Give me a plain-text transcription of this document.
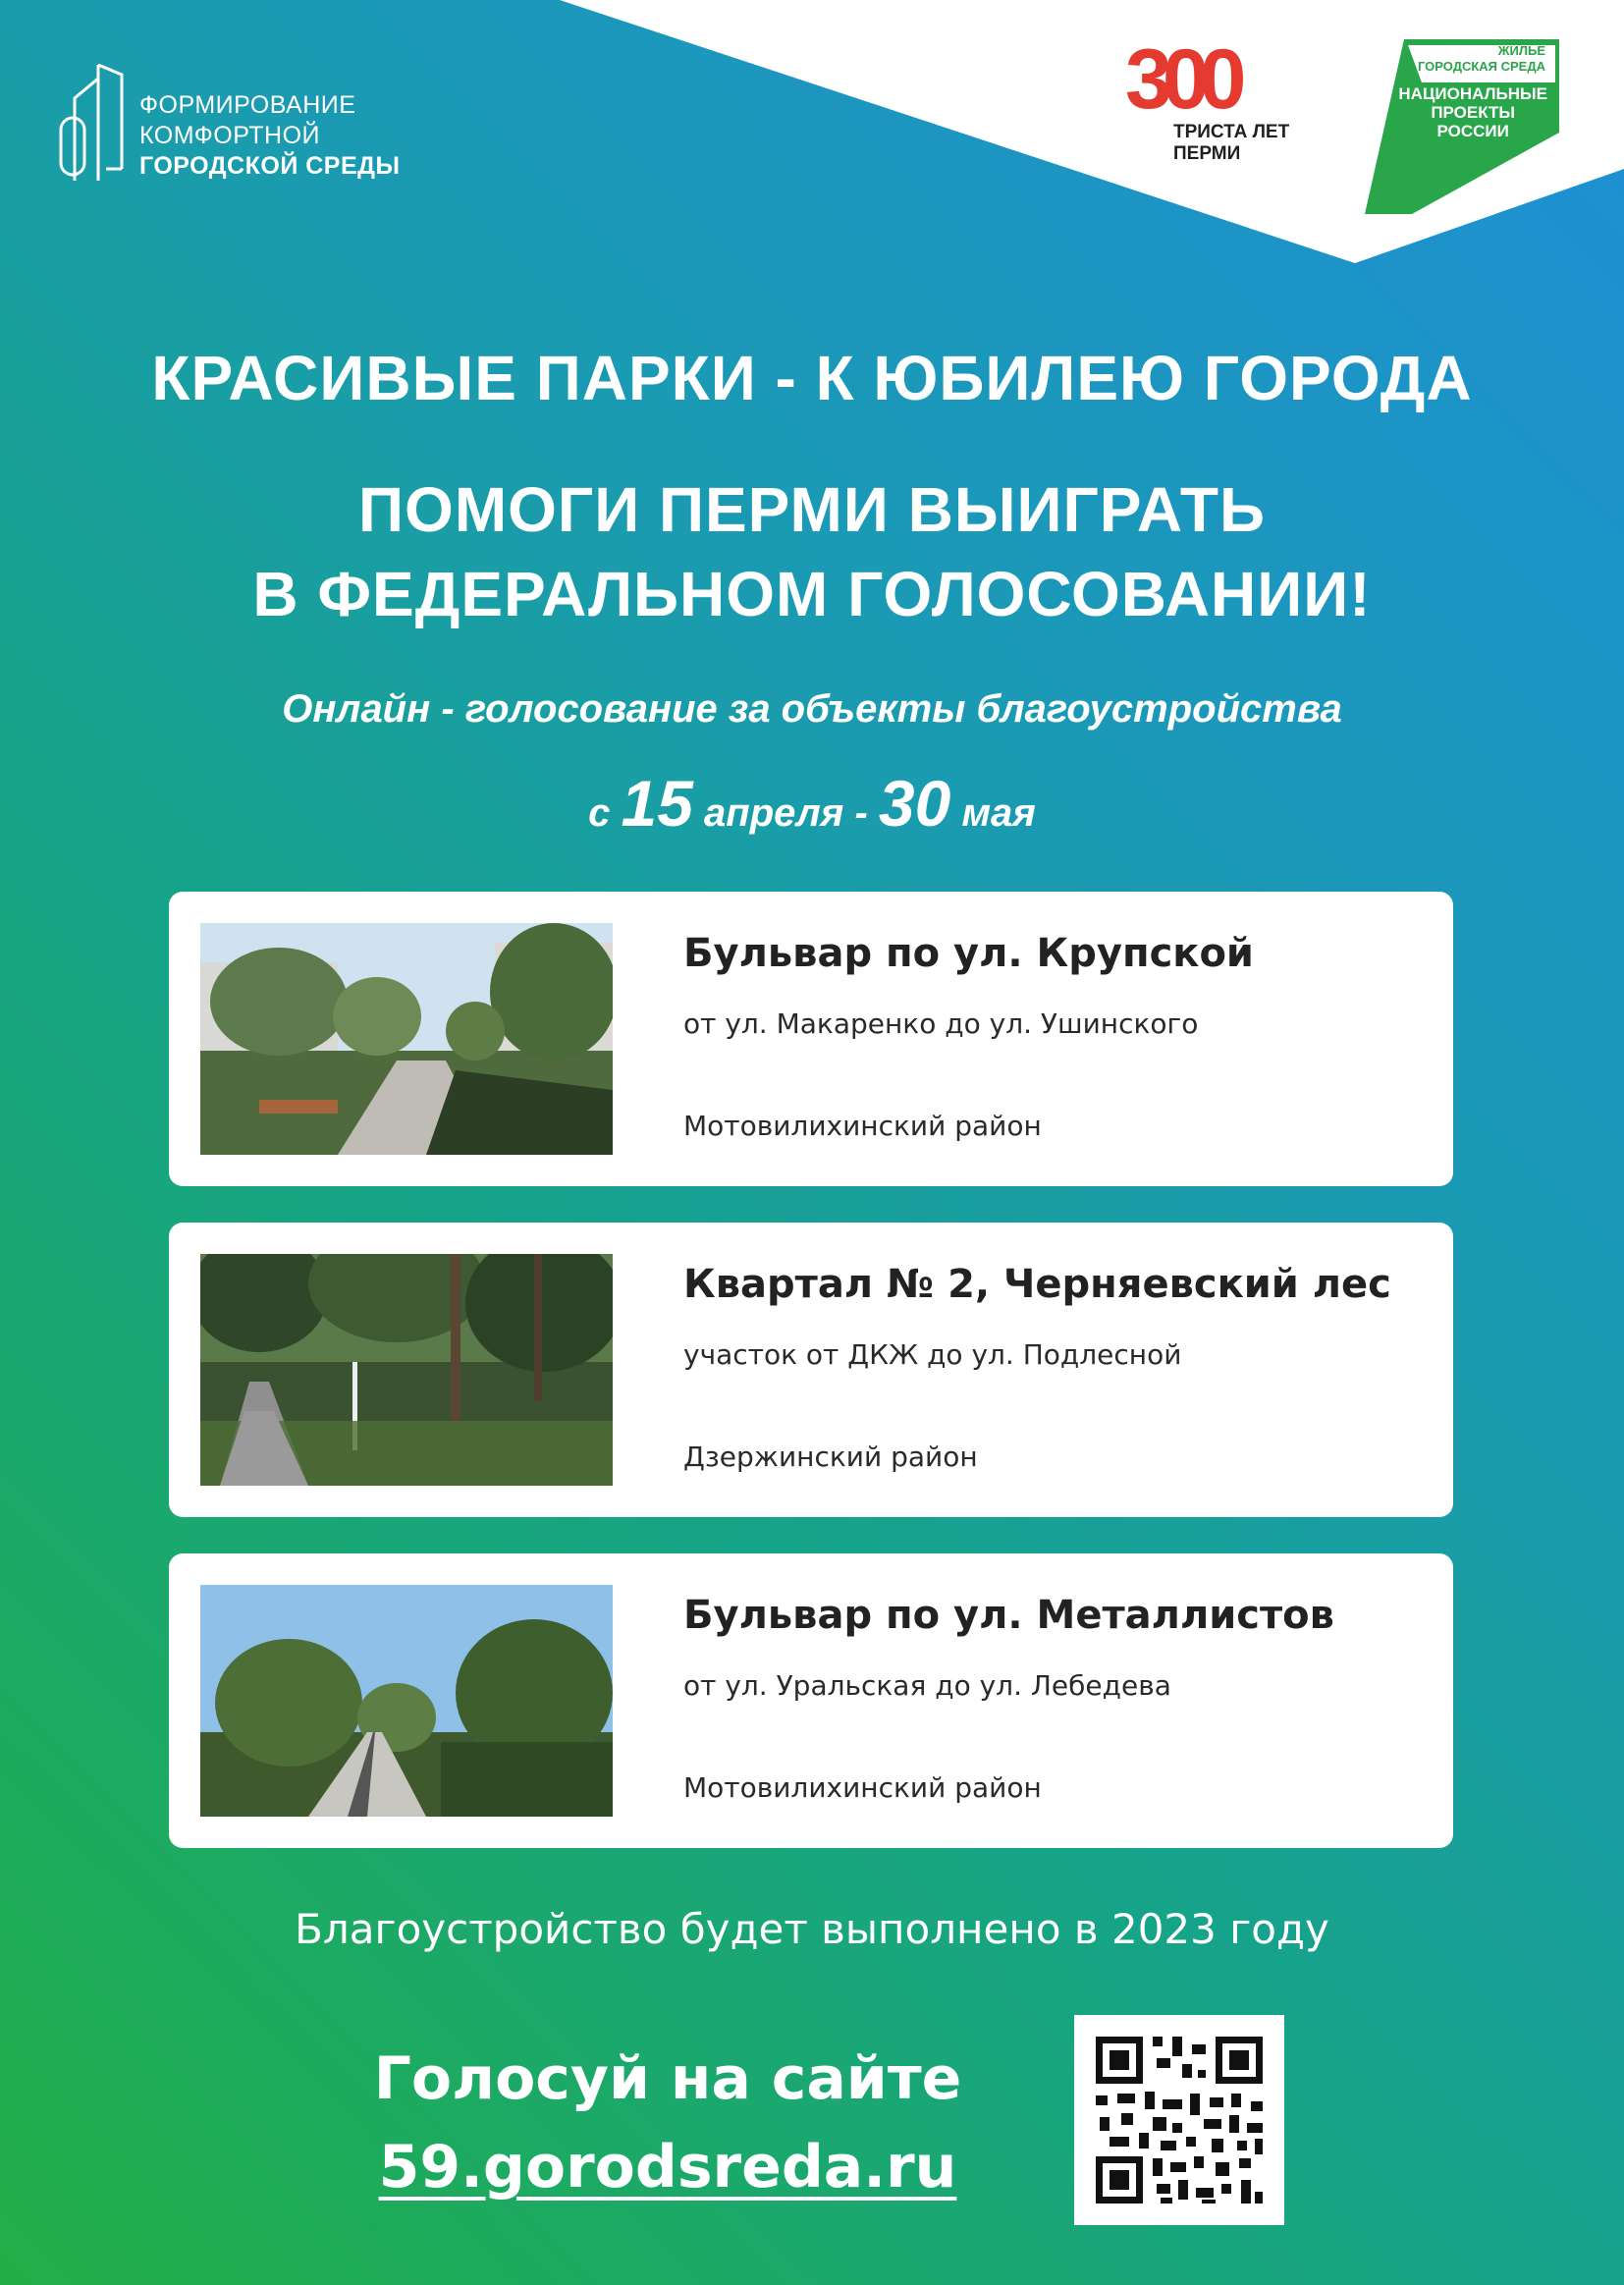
ФОРМИРОВАНИЕ
КОМФОРТНОЙ
ГОРОДСКОЙ СРЕДЫ
300
ТРИСТА ЛЕТ
ПЕРМИ
ЖИЛЬЕ
И ГОРОДСКАЯ СРЕДА
НАЦИОНАЛЬНЫЕ
ПРОЕКТЫ
РОССИИ
КРАСИВЫЕ ПАРКИ - К ЮБИЛЕЮ ГОРОДА
ПОМОГИ ПЕРМИ ВЫИГРАТЬ
В ФЕДЕРАЛЬНОМ ГОЛОСОВАНИИ!
Онлайн - голосование за объекты благоустройства
с 15 апреля - 30 мая
Бульвар по ул. Крупской
от ул. Макаренко до ул. Ушинского
Мотовилихинский район
Квартал № 2, Черняевский лес
участок от ДКЖ до ул. Подлесной
Дзержинский район
Бульвар по ул. Металлистов
от ул. Уральская до ул. Лебедева
Мотовилихинский район
Благоустройство будет выполнено в 2023 году
Голосуй на сайте
59.gorodsreda.ru
